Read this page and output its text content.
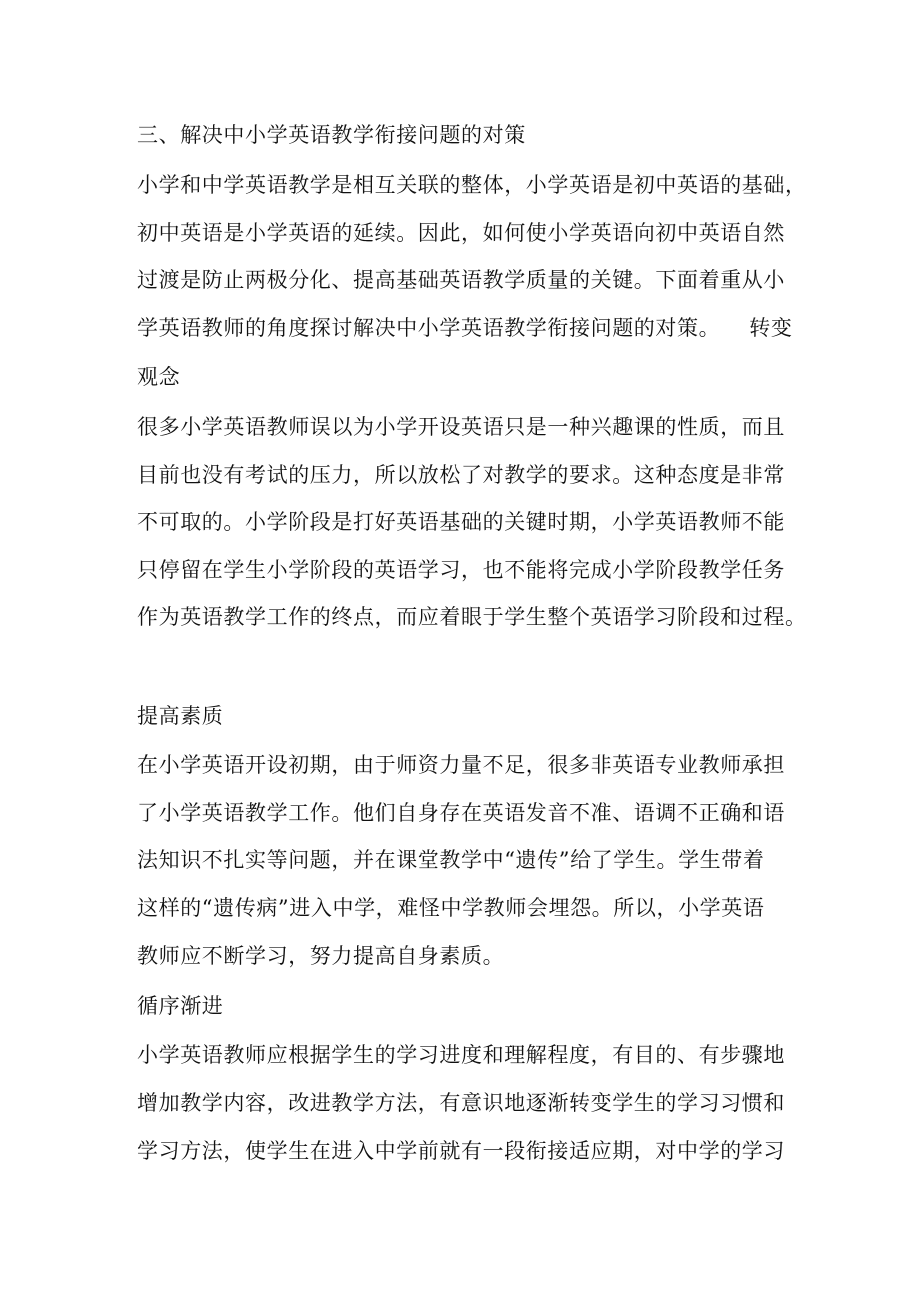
三、解决中小学英语教学衔接问题的对策
小学和中学英语教学是相互关联的整体，小学英语是初中英语的基础，
初中英语是小学英语的延续。因此，如何使小学英语向初中英语自然
过渡是防止两极分化、提高基础英语教学质量的关键。下面着重从小
学英语教师的角度探讨解决中小学英语教学衔接问题的对策。    转变
观念
很多小学英语教师误以为小学开设英语只是一种兴趣课的性质，而且
目前也没有考试的压力，所以放松了对教学的要求。这种态度是非常
不可取的。小学阶段是打好英语基础的关键时期，小学英语教师不能
只停留在学生小学阶段的英语学习，也不能将完成小学阶段教学任务
作为英语教学工作的终点，而应着眼于学生整个英语学习阶段和过程。
提高素质
在小学英语开设初期，由于师资力量不足，很多非英语专业教师承担
了小学英语教学工作。他们自身存在英语发音不准、语调不正确和语
法知识不扎实等问题，并在课堂教学中“遗传”给了学生。学生带着
这样的“遗传病”进入中学，难怪中学教师会埋怨。所以，小学英语
教师应不断学习，努力提高自身素质。
循序渐进
小学英语教师应根据学生的学习进度和理解程度，有目的、有步骤地
增加教学内容，改进教学方法，有意识地逐渐转变学生的学习习惯和
学习方法，使学生在进入中学前就有一段衔接适应期，对中学的学习
